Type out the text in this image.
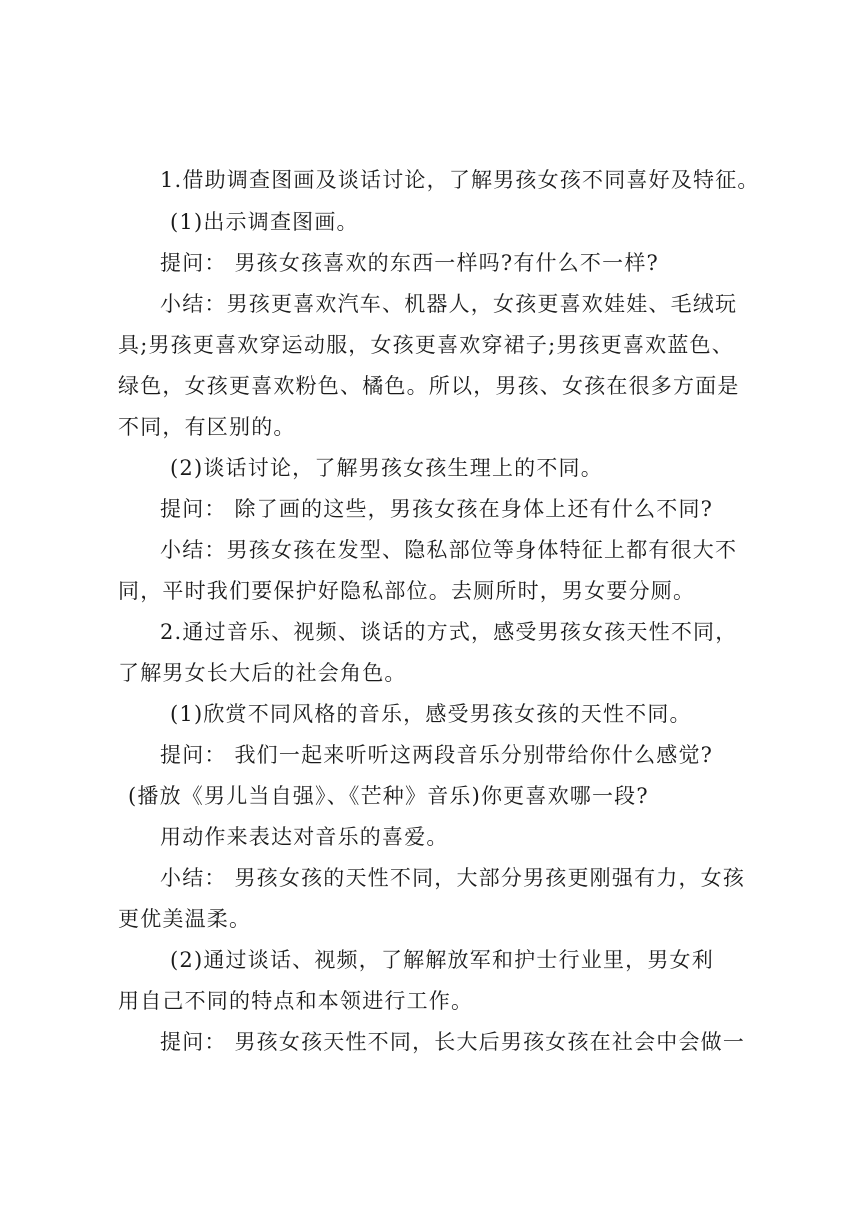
1.借助调查图画及谈话讨论，了解男孩女孩不同喜好及特征。
(1)出示调查图画。
提问： 男孩女孩喜欢的东西一样吗?有什么不一样?
小结：男孩更喜欢汽车、机器人，女孩更喜欢娃娃、毛绒玩
具;男孩更喜欢穿运动服，女孩更喜欢穿裙子;男孩更喜欢蓝色、
绿色，女孩更喜欢粉色、橘色。所以，男孩、女孩在很多方面是
不同，有区别的。
(2)谈话讨论，了解男孩女孩生理上的不同。
提问： 除了画的这些，男孩女孩在身体上还有什么不同?
小结：男孩女孩在发型、隐私部位等身体特征上都有很大不
同，平时我们要保护好隐私部位。去厕所时，男女要分厕。
2.通过音乐、视频、谈话的方式，感受男孩女孩天性不同，
了解男女长大后的社会角色。
(1)欣赏不同风格的音乐，感受男孩女孩的天性不同。
提问： 我们一起来听听这两段音乐分别带给你什么感觉?
(播放《男儿当自强》、《芒种》音乐)你更喜欢哪一段?
用动作来表达对音乐的喜爱。
小结： 男孩女孩的天性不同，大部分男孩更刚强有力，女孩
更优美温柔。
(2)通过谈话、视频，了解解放军和护士行业里，男女利
用自己不同的特点和本领进行工作。
提问： 男孩女孩天性不同，长大后男孩女孩在社会中会做一
